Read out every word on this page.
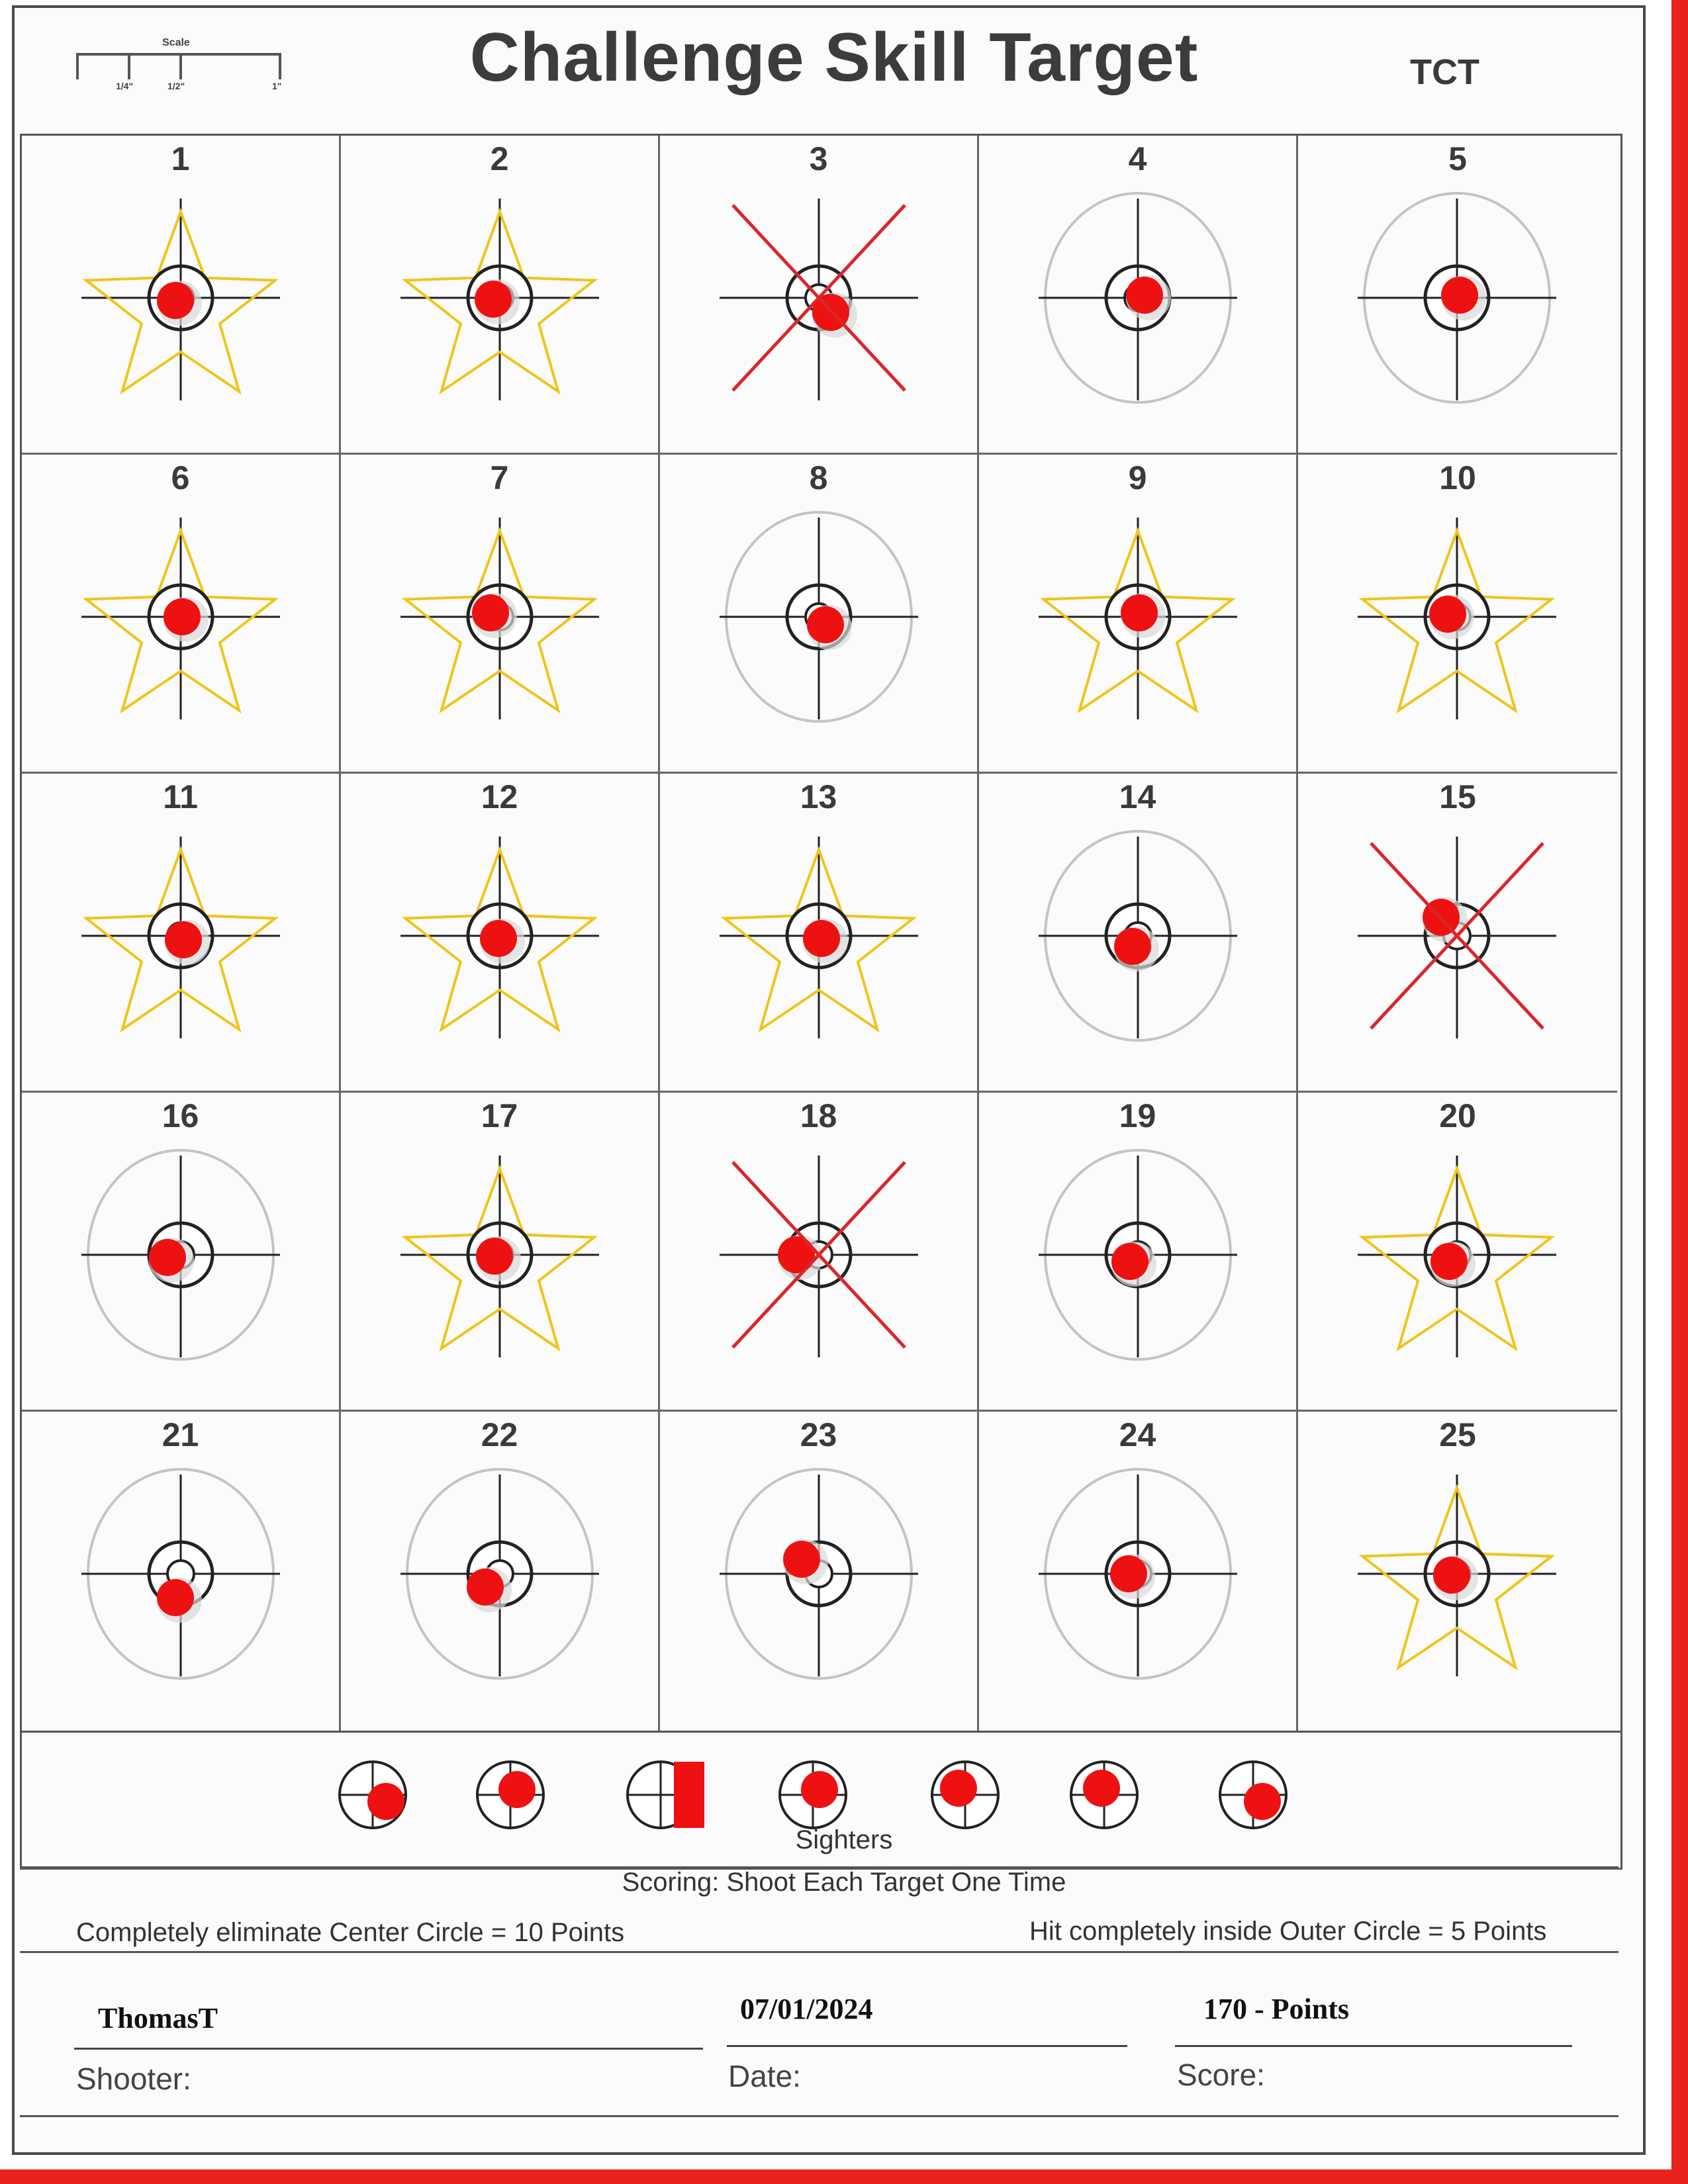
Scale
1/4"	1/2"	1"	Challenge Skill Target	TCT
1	2	3	4	5
6	7	8	9	10
11	12	13	14	15
16	17	18	19	20
21	22	23	24	25
Sighters
Scoring: Shoot Each Target One Time
Completely eliminate Center Circle = 10 Points	Hit completely inside Outer Circle = 5 Points
ThomasT
Shooter:
07/01/2024
Date:
170 - Points
Score:
